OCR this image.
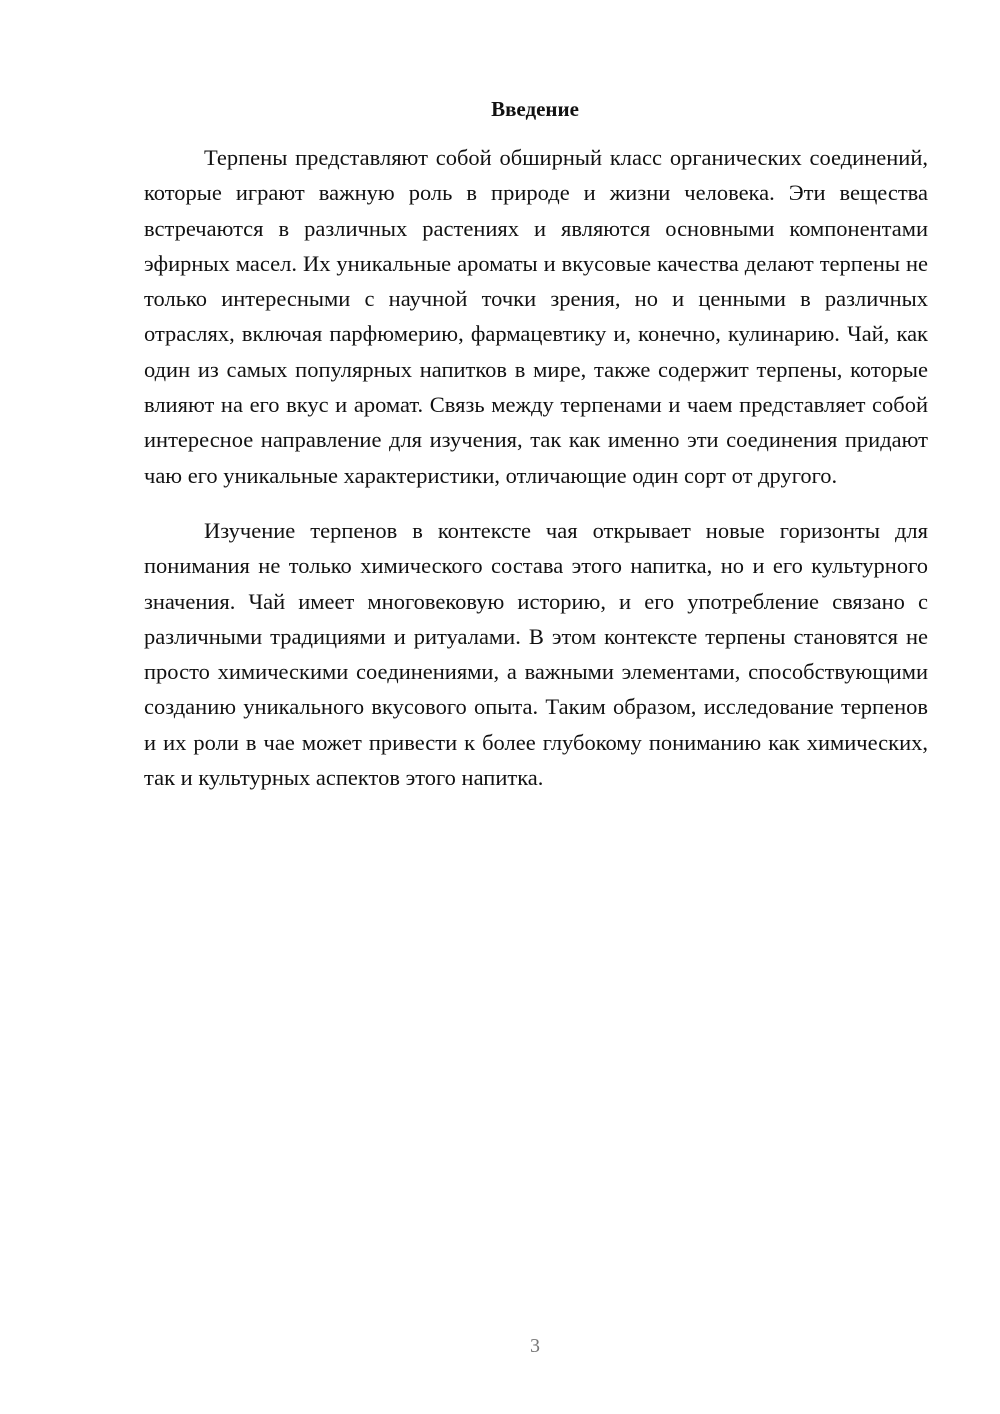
Введение

Терпены представляют собой обширный класс органических соединений, которые играют важную роль в природе и жизни человека. Эти вещества встречаются в различных растениях и являются основными компонентами эфирных масел. Их уникальные ароматы и вкусовые качества делают терпены не только интересными с научной точки зрения, но и ценными в различных отраслях, включая парфюмерию, фармацевтику и, конечно, кулинарию. Чай, как один из самых популярных напитков в мире, также содержит терпены, которые влияют на его вкус и аромат. Связь между терпенами и чаем представляет собой интересное направление для изучения, так как именно эти соединения придают чаю его уникальные характеристики, отличающие один сорт от другого.

Изучение терпенов в контексте чая открывает новые горизонты для понимания не только химического состава этого напитка, но и его культурного значения. Чай имеет многовековую историю, и его употребление связано с различными традициями и ритуалами. В этом контексте терпены становятся не просто химическими соединениями, а важными элементами, способствующими созданию уникального вкусового опыта. Таким образом, исследование терпенов и их роли в чае может привести к более глубокому пониманию как химических, так и культурных аспектов этого напитка.

3
